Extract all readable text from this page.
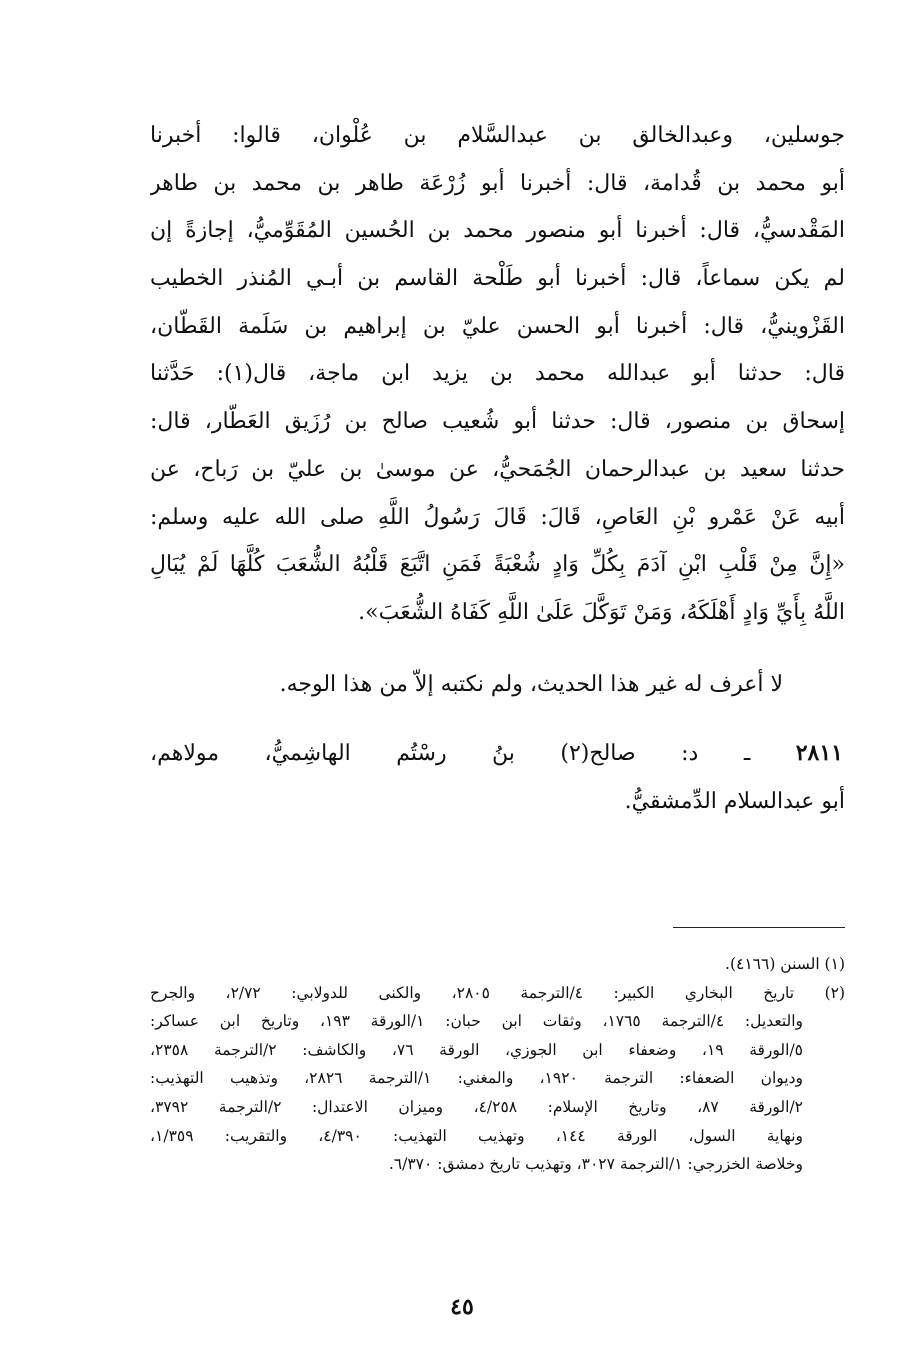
جوسلين، وعبدالخالق بن عبدالسَّلام بن عُلْوان، قالوا: أخبرنا
أبو محمد بن قُدامة، قال: أخبرنا أبو زُرْعَة طاهر بن محمد بن طاهر
المَقْدسيُّ، قال: أخبرنا أبو منصور محمد بن الحُسين المُقَوِّميُّ، إجازةً إن
لم يكن سماعاً، قال: أخبرنا أبو طَلْحة القاسم بن أبـي المُنذر الخطيب
القَزْوينيُّ، قال: أخبرنا أبو الحسن عليّ بن إبراهيم بن سَلَمة القَطّان،
قال: حدثنا أبو عبدالله محمد بن يزيد ابن ماجة، قال(١): حَدَّثنا
إسحاق بن منصور، قال: حدثنا أبو شُعيب صالح بن رُزَيق العَطّار، قال:
حدثنا سعيد بن عبدالرحمان الجُمَحيُّ، عن موسىٰ بن عليّ بن رَباح، عن
أبيه عَنْ عَمْرو بْنِ العَاصِ، قَالَ: قَالَ رَسُولُ اللَّهِ صلى الله عليه وسلم:
«إِنَّ مِنْ قَلْبِ ابْنِ آدَمَ بِكُلِّ وَادٍ شُعْبَةً فَمَنِ اتَّبَعَ قَلْبُهُ الشُّعَبَ كُلَّهَا لَمْ يُبَالِ
اللَّهُ بِأَيِّ وَادٍ أَهْلَكَهُ، وَمَنْ تَوَكَّلَ عَلَىٰ اللَّهِ كَفَاهُ الشُّعَبَ».
لا أعرف له غير هذا الحديث، ولم نكتبه إلاّ من هذا الوجه.
٢٨١١ ـ د: صالح(٢) بنُ رسْتُم الهاشِميُّ، مولاهم،
أبو عبدالسلام الدِّمشقيُّ.
(١) السنن (٤١٦٦).
(٢) تاريخ البخاري الكبير: ٤/الترجمة ٢٨٠٥، والكنى للدولابي: ٢/٧٢، والجرح
والتعديل: ٤/الترجمة ١٧٦٥، وثقات ابن حبان: ١/الورقة ١٩٣، وتاريخ ابن عساكر:
٥/الورقة ١٩، وضعفاء ابن الجوزي، الورقة ٧٦، والكاشف: ٢/الترجمة ٢٣٥٨،
وديوان الضعفاء: الترجمة ١٩٢٠، والمغني: ١/الترجمة ٢٨٢٦، وتذهيب التهذيب:
٢/الورقة ٨٧، وتاريخ الإسلام: ٤/٢٥٨، وميزان الاعتدال: ٢/الترجمة ٣٧٩٢،
ونهاية السول، الورقة ١٤٤، وتهذيب التهذيب: ٤/٣٩٠، والتقريب: ١/٣٥٩،
وخلاصة الخزرجي: ١/الترجمة ٣٠٢٧، وتهذيب تاريخ دمشق: ٦/٣٧٠.
٤٥
